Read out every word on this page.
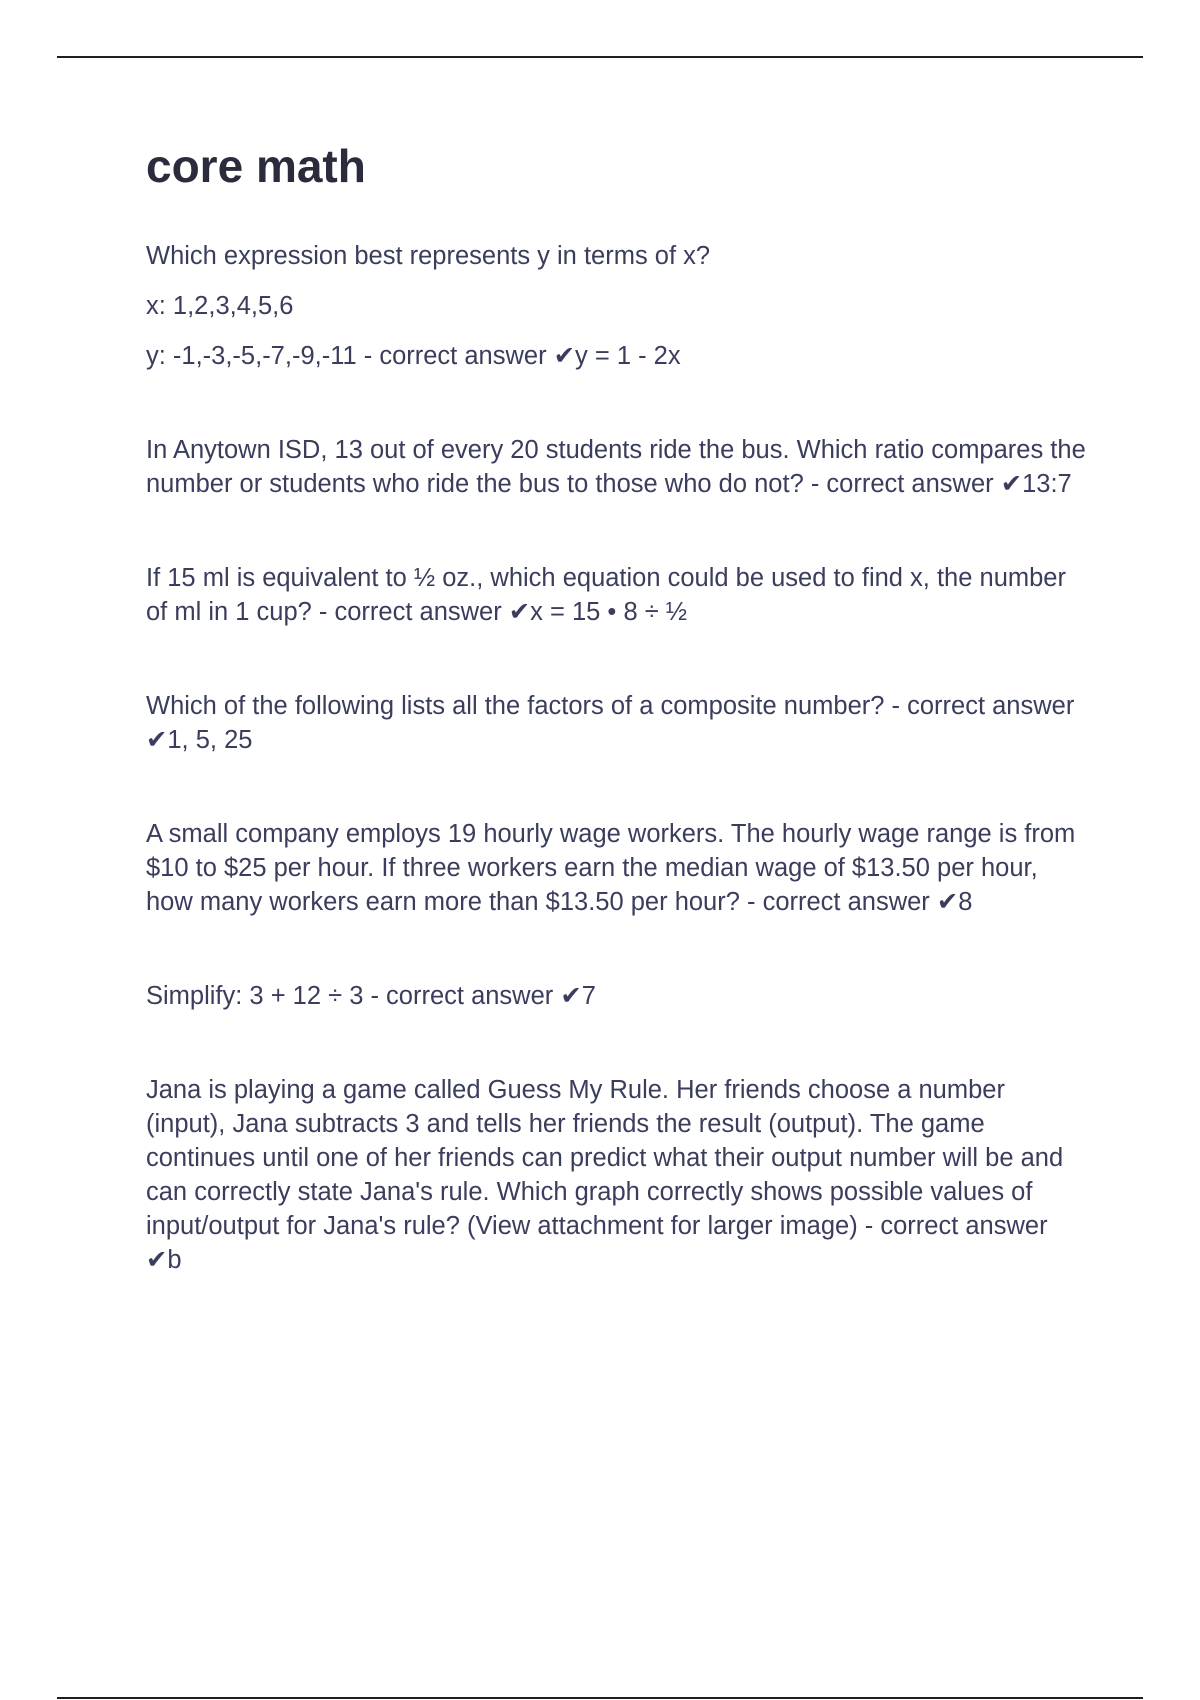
core math

Which expression best represents y in terms of x?

x: 1,2,3,4,5,6

y: -1,-3,-5,-7,-9,-11 - correct answer ✔y = 1 - 2x

In Anytown ISD, 13 out of every 20 students ride the bus. Which ratio compares the number or students who ride the bus to those who do not? - correct answer ✔13:7

If 15 ml is equivalent to ½ oz., which equation could be used to find x, the number of ml in 1 cup? - correct answer ✔x = 15 • 8 ÷ ½

Which of the following lists all the factors of a composite number? - correct answer ✔1, 5, 25

A small company employs 19 hourly wage workers. The hourly wage range is from $10 to $25 per hour. If three workers earn the median wage of $13.50 per hour, how many workers earn more than $13.50 per hour? - correct answer ✔8

Simplify: 3 + 12 ÷ 3 - correct answer ✔7

Jana is playing a game called Guess My Rule. Her friends choose a number (input), Jana subtracts 3 and tells her friends the result (output). The game continues until one of her friends can predict what their output number will be and can correctly state Jana's rule. Which graph correctly shows possible values of input/output for Jana's rule? (View attachment for larger image) - correct answer ✔b
